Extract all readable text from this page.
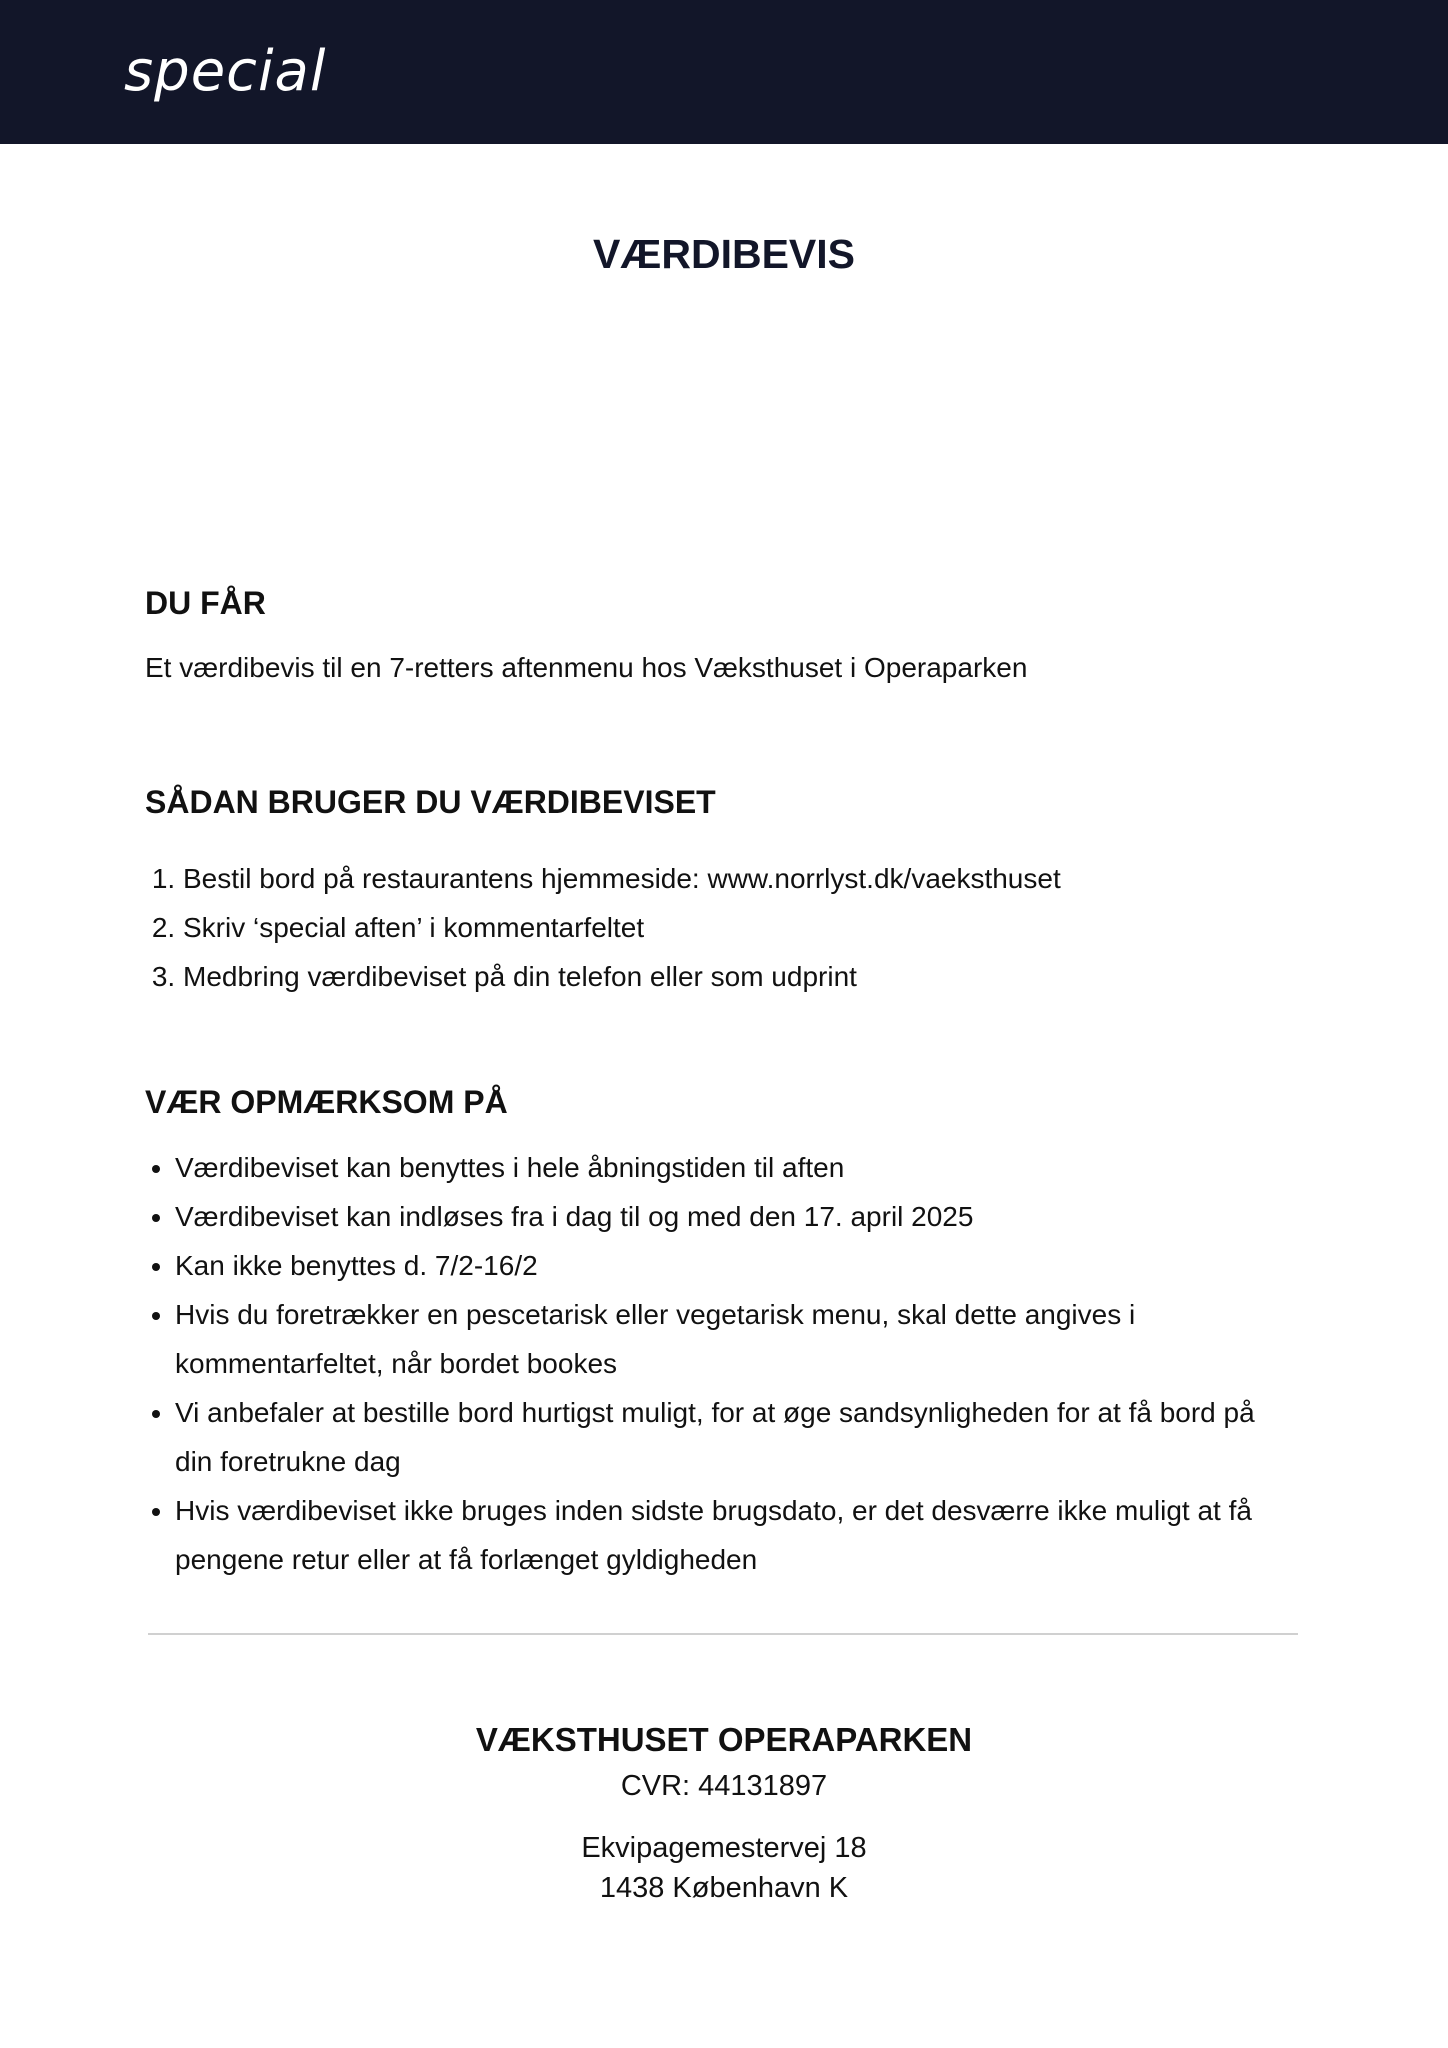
special
VÆRDIBEVIS
DU FÅR
Et værdibevis til en 7-retters aftenmenu hos Væksthuset i Operaparken
SÅDAN BRUGER DU VÆRDIBEVISET
1. Bestil bord på restaurantens hjemmeside: www.norrlyst.dk/vaeksthuset
2. Skriv ‘special aften’ i kommentarfeltet
3. Medbring værdibeviset på din telefon eller som udprint
VÆR OPMÆRKSOM PÅ
• Værdibeviset kan benyttes i hele åbningstiden til aften
• Værdibeviset kan indløses fra i dag til og med den 17. april 2025
• Kan ikke benyttes d. 7/2-16/2
• Hvis du foretrækker en pescetarisk eller vegetarisk menu, skal dette angives i kommentarfeltet, når bordet bookes
• Vi anbefaler at bestille bord hurtigst muligt, for at øge sandsynligheden for at få bord på din foretrukne dag
• Hvis værdibeviset ikke bruges inden sidste brugsdato, er det desværre ikke muligt at få pengene retur eller at få forlænget gyldigheden
VÆKSTHUSET OPERAPARKEN
CVR: 44131897
Ekvipagemestervej 18
1438 København K
